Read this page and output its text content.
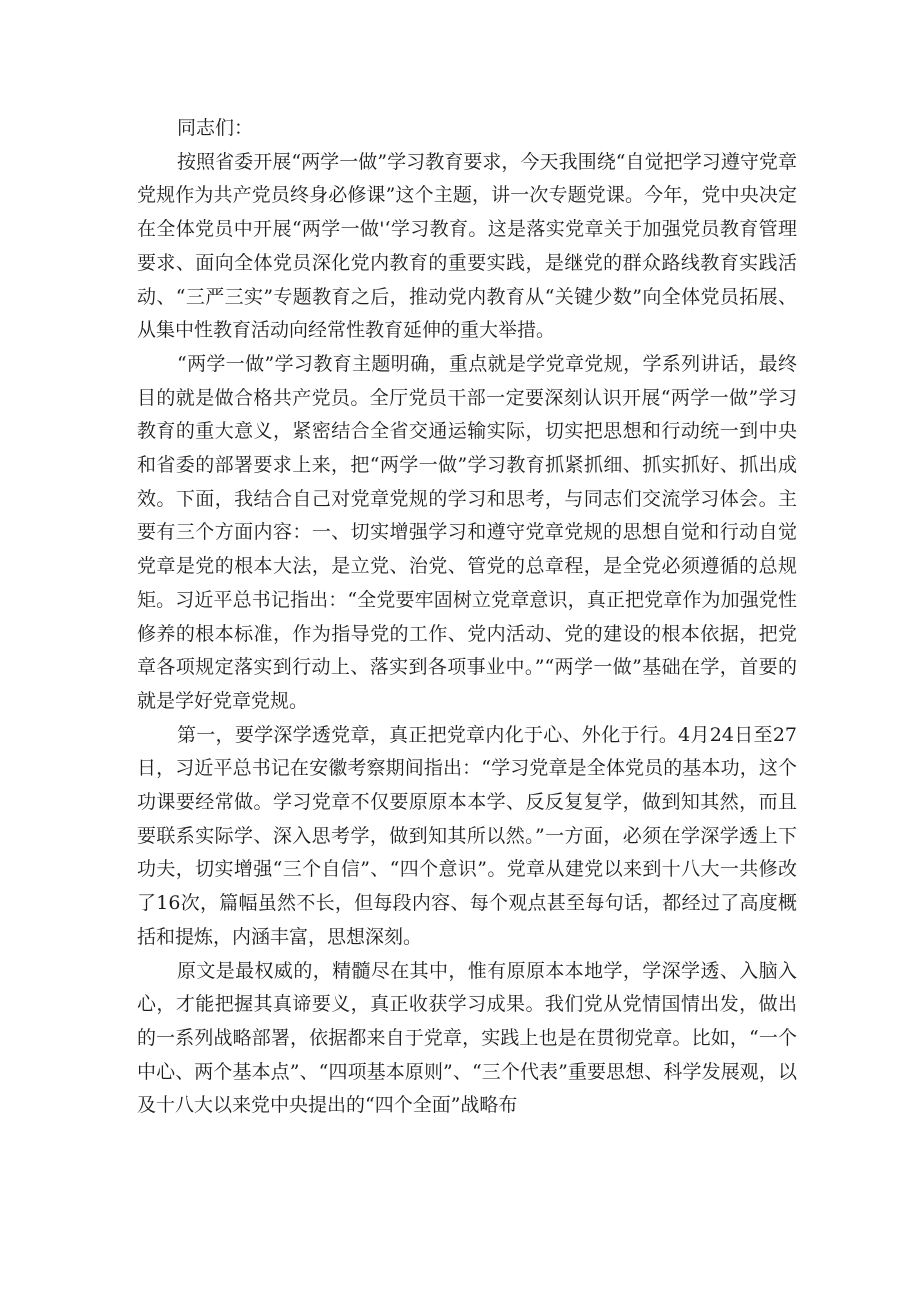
同志们：

按照省委开展“两学一做”学习教育要求，今天我围绕“自觉把学习遵守党章党规作为共产党员终身必修课”这个主题，讲一次专题党课。今年，党中央决定在全体党员中开展“两学一做'‘学习教育。这是落实党章关于加强党员教育管理要求、面向全体党员深化党内教育的重要实践，是继党的群众路线教育实践活动、“三严三实”专题教育之后，推动党内教育从“关键少数”向全体党员拓展、从集中性教育活动向经常性教育延伸的重大举措。

“两学一做”学习教育主题明确，重点就是学党章党规，学系列讲话，最终目的就是做合格共产党员。全厅党员干部一定要深刻认识开展“两学一做”学习教育的重大意义，紧密结合全省交通运输实际，切实把思想和行动统一到中央和省委的部署要求上来，把“两学一做”学习教育抓紧抓细、抓实抓好、抓出成效。下面，我结合自己对党章党规的学习和思考，与同志们交流学习体会。主要有三个方面内容：一、切实增强学习和遵守党章党规的思想自觉和行动自觉党章是党的根本大法，是立党、治党、管党的总章程，是全党必须遵循的总规矩。习近平总书记指出：“全党要牢固树立党章意识，真正把党章作为加强党性修养的根本标准，作为指导党的工作、党内活动、党的建设的根本依据，把党章各项规定落实到行动上、落实到各项事业中。”“两学一做”基础在学，首要的就是学好党章党规。

第一，要学深学透党章，真正把党章内化于心、外化于行。4月24日至27日，习近平总书记在安徽考察期间指出：“学习党章是全体党员的基本功，这个功课要经常做。学习党章不仅要原原本本学、反反复复学，做到知其然，而且要联系实际学、深入思考学，做到知其所以然。”一方面，必须在学深学透上下功夫，切实增强“三个自信”、“四个意识”。党章从建党以来到十八大一共修改了16次，篇幅虽然不长，但每段内容、每个观点甚至每句话，都经过了高度概括和提炼，内涵丰富，思想深刻。

原文是最权威的，精髓尽在其中，惟有原原本本地学，学深学透、入脑入心，才能把握其真谛要义，真正收获学习成果。我们党从党情国情出发，做出的一系列战略部署，依据都来自于党章，实践上也是在贯彻党章。比如，“一个中心、两个基本点”、“四项基本原则”、“三个代表”重要思想、科学发展观，以及十八大以来党中央提出的“四个全面”战略布
